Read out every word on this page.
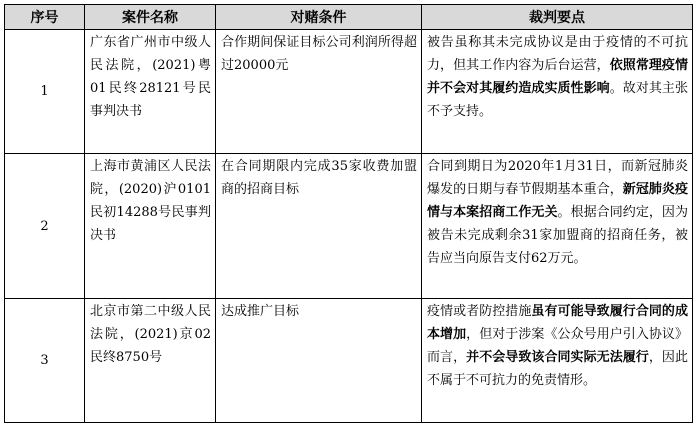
序号	案件名称	对赌条件	裁判要点
1	广东省广州市中级人民法院，(2021)粤01民终28121号民事判决书	合作期间保证目标公司利润所得超过20000元	被告虽称其未完成协议是由于疫情的不可抗力，但其工作内容为后台运营，依照常理疫情并不会对其履约造成实质性影响。故对其主张不予支持。
2	上海市黄浦区人民法院，(2020)沪0101民初14288号民事判决书	在合同期限内完成35家收费加盟商的招商目标	合同到期日为2020年1月31日，而新冠肺炎爆发的日期与春节假期基本重合，新冠肺炎疫情与本案招商工作无关。根据合同约定，因为被告未完成剩余31家加盟商的招商任务，被告应当向原告支付62万元。
3	北京市第二中级人民法院，(2021)京02民终8750号	达成推广目标	疫情或者防控措施虽有可能导致履行合同的成本增加，但对于涉案《公众号用户引入协议》而言，并不会导致该合同实际无法履行，因此不属于不可抗力的免责情形。
